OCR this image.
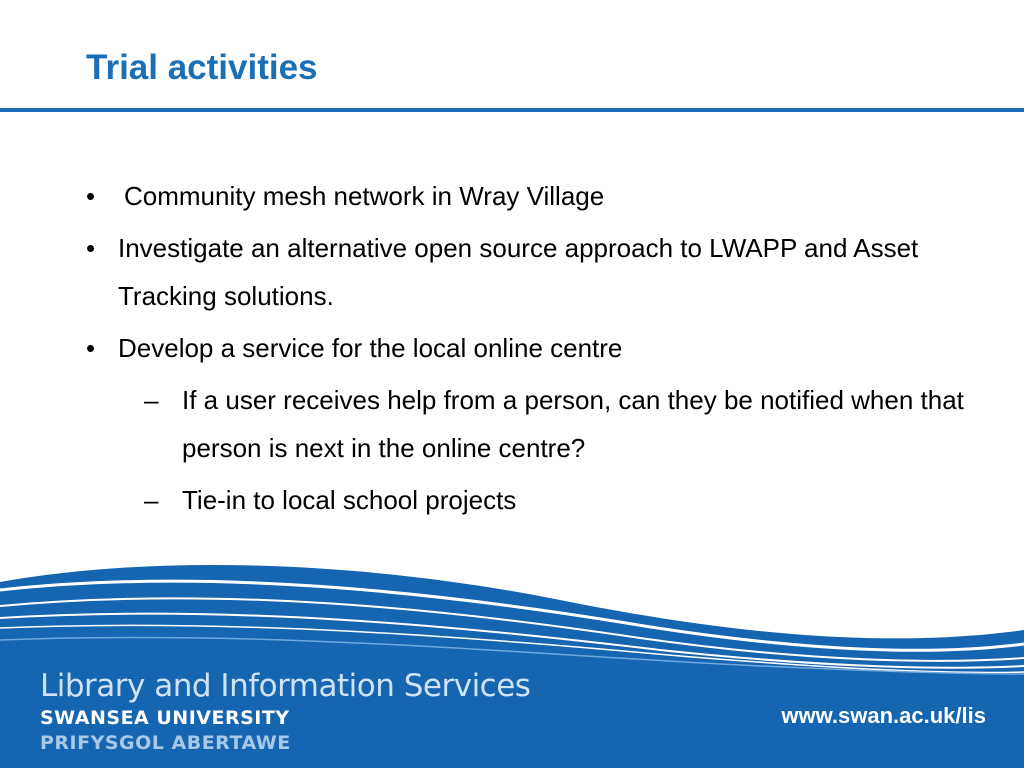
Trial activities
• Community mesh network in Wray Village
• Investigate an alternative open source approach to LWAPP and Asset Tracking solutions.
• Develop a service for the local online centre
– If a user receives help from a person, can they be notified when that person is next in the online centre?
– Tie-in to local school projects
Library and Information Services
SWANSEA UNIVERSITY
PRIFYSGOL ABERTAWE
www.swan.ac.uk/lis
